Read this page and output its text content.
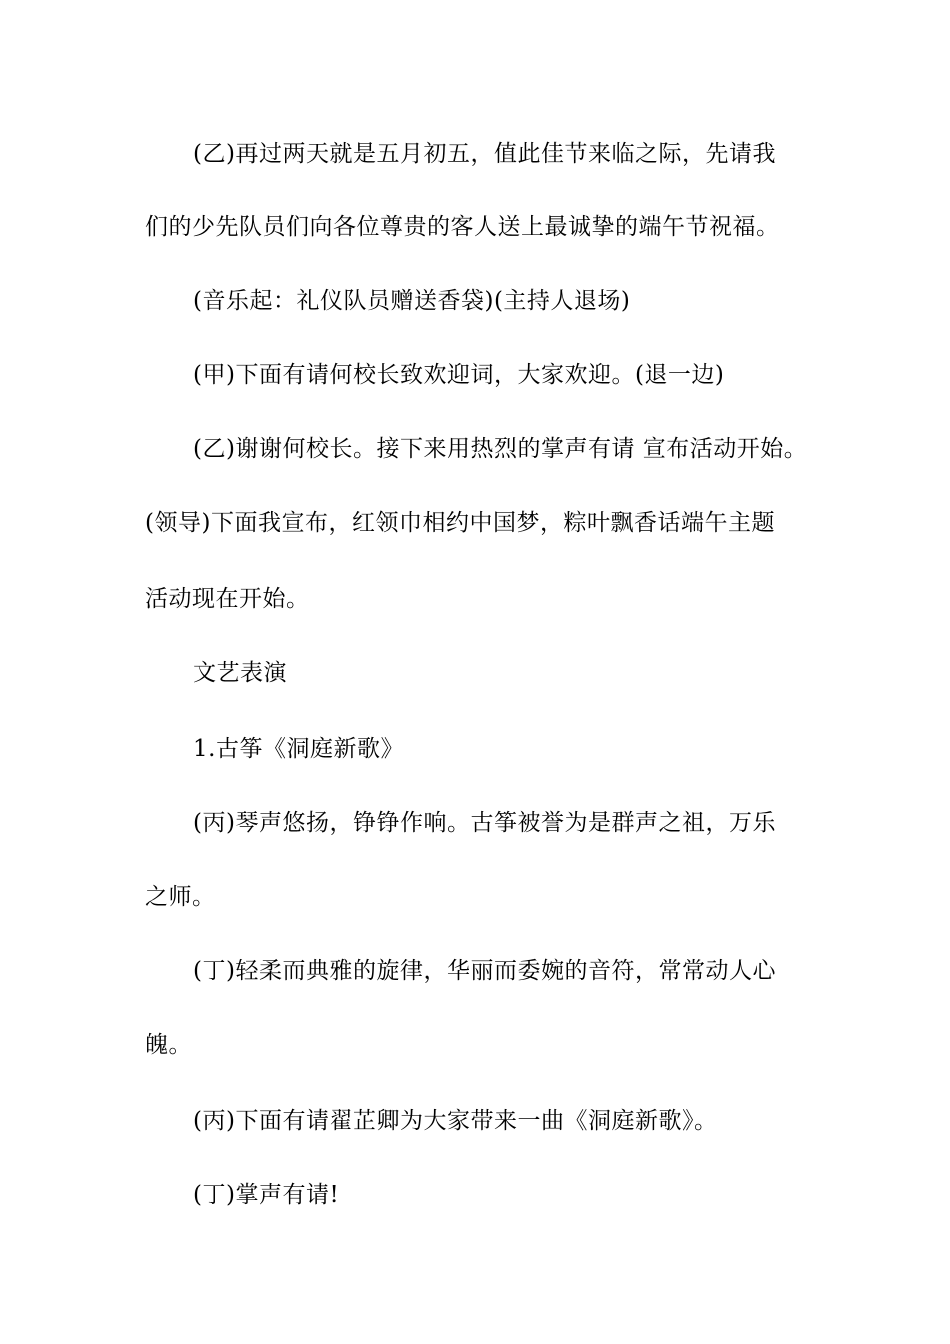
(乙)再过两天就是五月初五，值此佳节来临之际，先请我
们的少先队员们向各位尊贵的客人送上最诚挚的端午节祝福。
(音乐起：礼仪队员赠送香袋)(主持人退场)
(甲)下面有请何校长致欢迎词，大家欢迎。(退一边)
(乙)谢谢何校长。接下来用热烈的掌声有请 宣布活动开始。
(领导)下面我宣布，红领巾相约中国梦，粽叶飘香话端午主题
活动现在开始。
文艺表演
1.古筝《洞庭新歌》
(丙)琴声悠扬，铮铮作响。古筝被誉为是群声之祖，万乐
之师。
(丁)轻柔而典雅的旋律，华丽而委婉的音符，常常动人心
魄。
(丙)下面有请翟芷卿为大家带来一曲《洞庭新歌》。
(丁)掌声有请!
